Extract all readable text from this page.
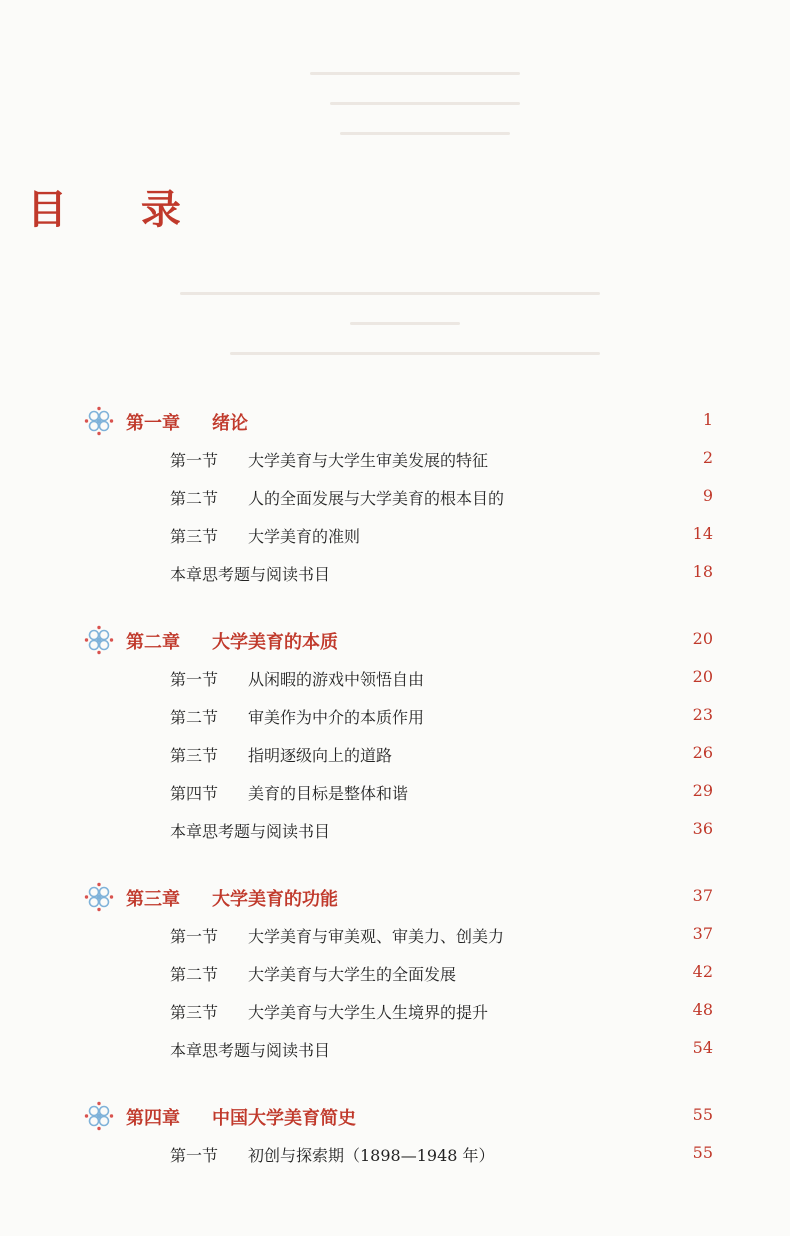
目 录
第一章 绪论	1
第一节 大学美育与大学生审美发展的特征	2
第二节 人的全面发展与大学美育的根本目的	9
第三节 大学美育的准则	14
本章思考题与阅读书目	18
第二章 大学美育的本质	20
第一节 从闲暇的游戏中领悟自由	20
第二节 审美作为中介的本质作用	23
第三节 指明逐级向上的道路	26
第四节 美育的目标是整体和谐	29
本章思考题与阅读书目	36
第三章 大学美育的功能	37
第一节 大学美育与审美观、审美力、创美力	37
第二节 大学美育与大学生的全面发展	42
第三节 大学美育与大学生人生境界的提升	48
本章思考题与阅读书目	54
第四章 中国大学美育简史	55
第一节 初创与探索期（1898—1948 年）	55
